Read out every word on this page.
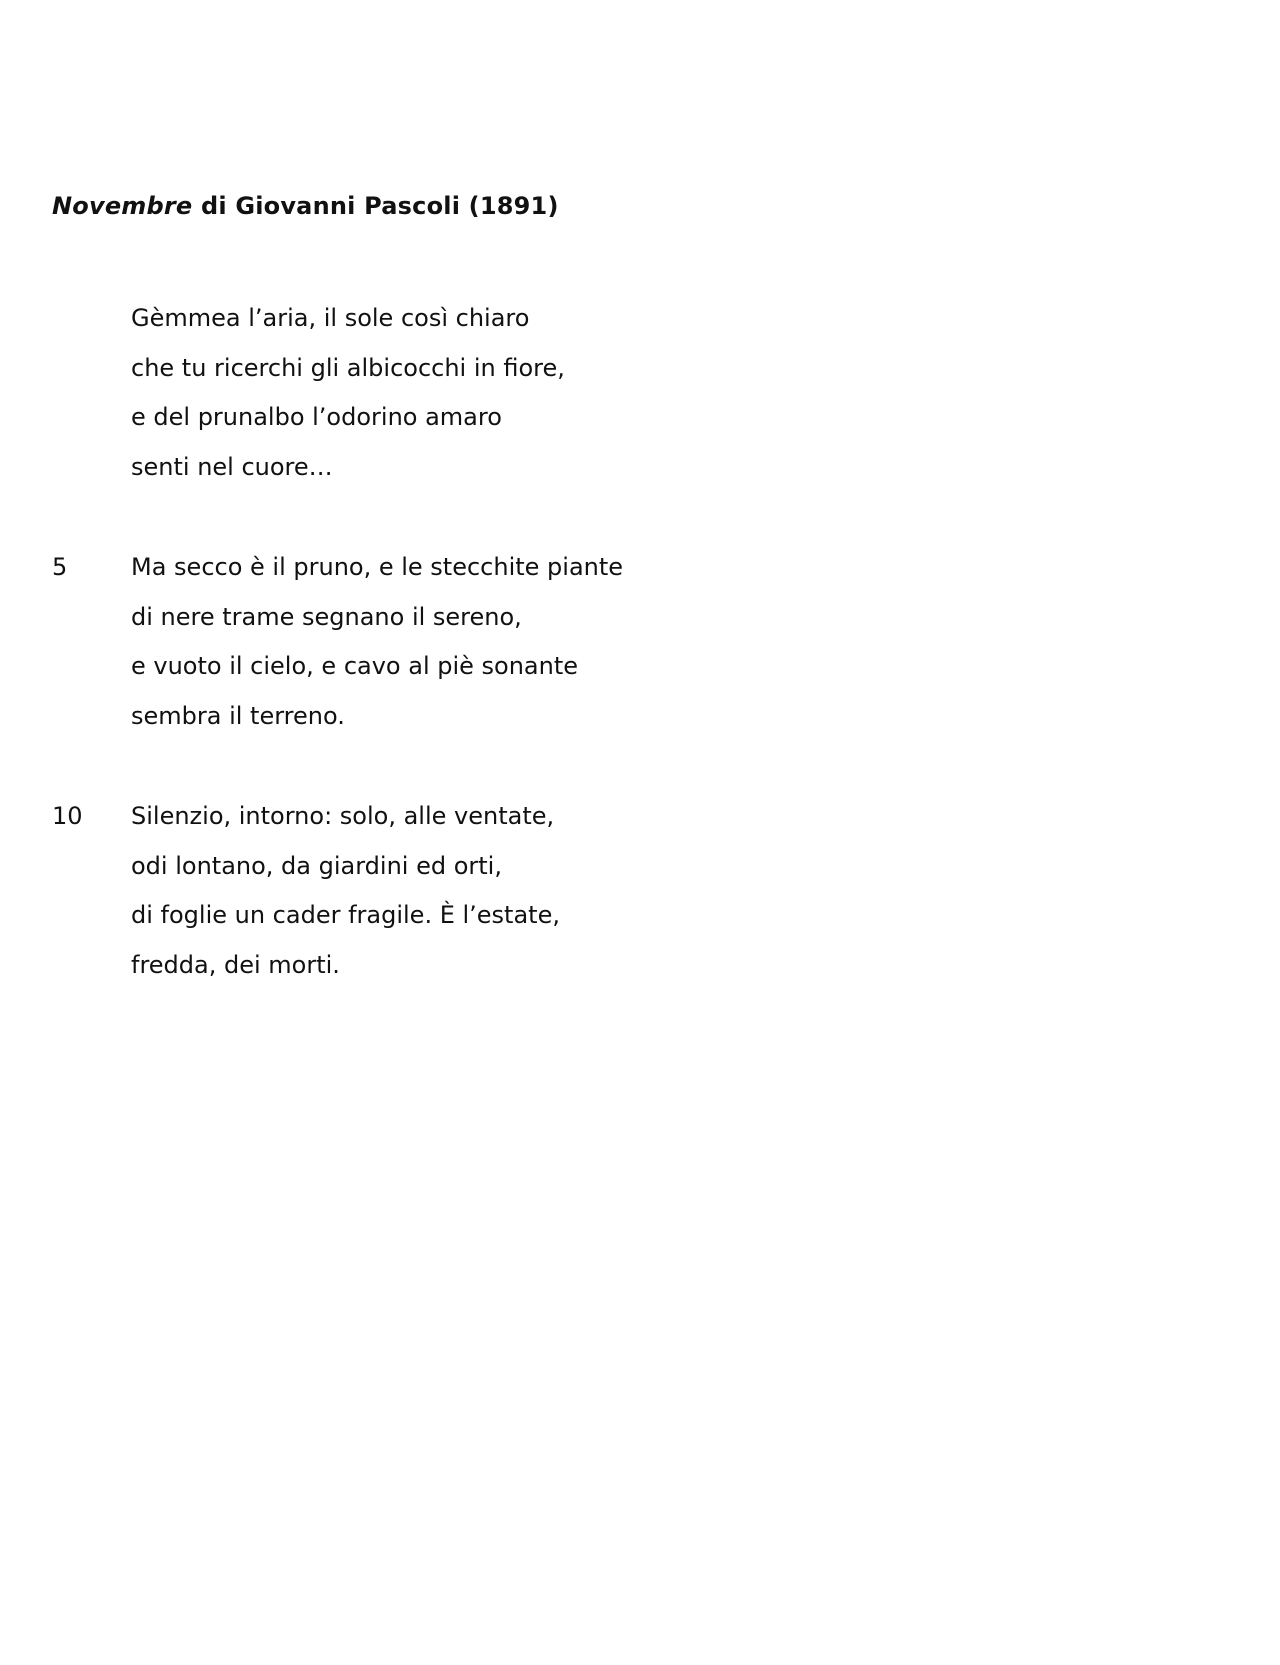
Novembre di Giovanni Pascoli (1891)
Gèmmea l’aria, il sole così chiaro
che tu ricerchi gli albicocchi in fiore,
e del prunalbo l’odorino amaro
senti nel cuore…
5	Ma secco è il pruno, e le stecchite piante
di nere trame segnano il sereno,
e vuoto il cielo, e cavo al piè sonante
sembra il terreno.
10	Silenzio, intorno: solo, alle ventate,
odi lontano, da giardini ed orti,
di foglie un cader fragile. È l’estate,
fredda, dei morti.
